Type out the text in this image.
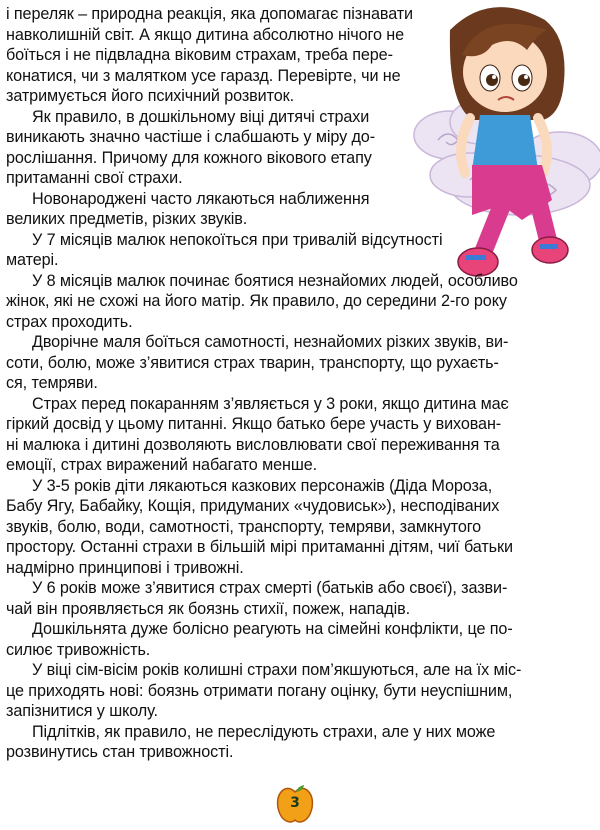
і переляк – природна реакція, яка допомагає пізнавати
навколишній світ. А якщо дитина абсолютно нічого не
боїться і не підвладна віковим страхам, треба пере-
конатися, чи з малятком усе гаразд. Перевірте, чи не
затримується його психічний розвиток.

Як правило, в дошкільному віці дитячі страхи
виникають значно частіше і слабшають у міру до-
рослішання. Причому для кожного вікового етапу
притаманні свої страхи.

Новонароджені часто лякаються наближення
великих предметів, різких звуків.

У 7 місяців малюк непокоїться при тривалій відсутності
матері.

У 8 місяців малюк починає боятися незнайомих людей, особливо
жінок, які не схожі на його матір. Як правило, до середини 2-го року
страх проходить.

Дворічне маля боїться самотності, незнайомих різких звуків, ви-
соти, болю, може з’явитися страх тварин, транспорту, що рухаєть-
ся, темряви.

Страх перед покаранням з’являється у 3 роки, якщо дитина має
гіркий досвід у цьому питанні. Якщо батько бере участь у вихован-
ні малюка і дитині дозволяють висловлювати свої переживання та
емоції, страх виражений набагато менше.

У 3-5 років діти лякаються казкових персонажів (Діда Мороза,
Бабу Ягу, Бабайку, Кощія, придуманих «чудовиськ»), несподіваних
звуків, болю, води, самотності, транспорту, темряви, замкнутого
простору. Останні страхи в більшій мірі притаманні дітям, чиї батьки
надмірно принципові і тривожні.

У 6 років може з’явитися страх смерті (батьків або своєї), зазви-
чай він проявляється як боязнь стихії, пожеж, нападів.

Дошкільнята дуже болісно реагують на сімейні конфлікти, це по-
силює тривожність.

У віці сім-вісім років колишні страхи пом’якшуються, але на їх міс-
це приходять нові: боязнь отримати погану оцінку, бути неуспішним,
запізнитися у школу.

Підлітків, як правило, не переслідують страхи, але у них може
розвинутись стан тривожності.

3
